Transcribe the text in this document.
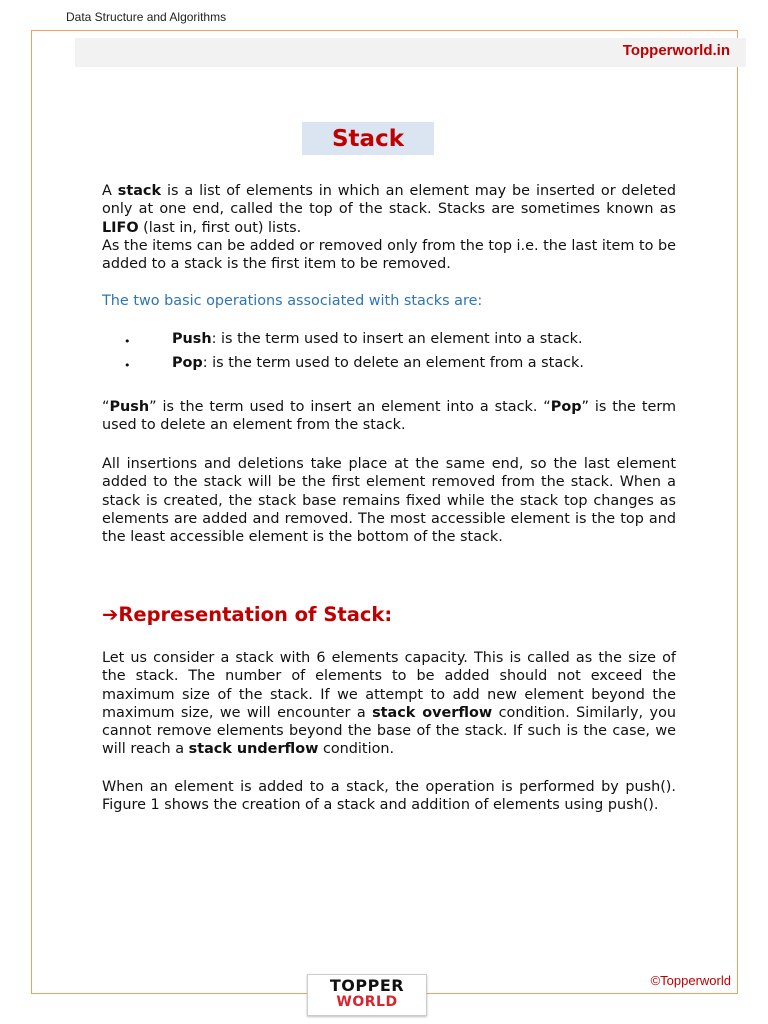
Data Structure and Algorithms
Topperworld.in
Stack

A stack is a list of elements in which an element may be inserted or deleted only at one end, called the top of the stack. Stacks are sometimes known as LIFO (last in, first out) lists.

As the items can be added or removed only from the top i.e. the last item to be added to a stack is the first item to be removed.

The two basic operations associated with stacks are:

•	Push: is the term used to insert an element into a stack.
•	Pop: is the term used to delete an element from a stack.

“Push” is the term used to insert an element into a stack. “Pop” is the term used to delete an element from the stack.

All insertions and deletions take place at the same end, so the last element added to the stack will be the first element removed from the stack. When a stack is created, the stack base remains fixed while the stack top changes as elements are added and removed. The most accessible element is the top and the least accessible element is the bottom of the stack.

➔Representation of Stack:

Let us consider a stack with 6 elements capacity. This is called as the size of the stack. The number of elements to be added should not exceed the maximum size of the stack. If we attempt to add new element beyond the maximum size, we will encounter a stack overflow condition. Similarly, you cannot remove elements beyond the base of the stack. If such is the case, we will reach a stack underflow condition.

When an element is added to a stack, the operation is performed by push(). Figure 1 shows the creation of a stack and addition of elements using push().

TOPPER
WORLD
©Topperworld
